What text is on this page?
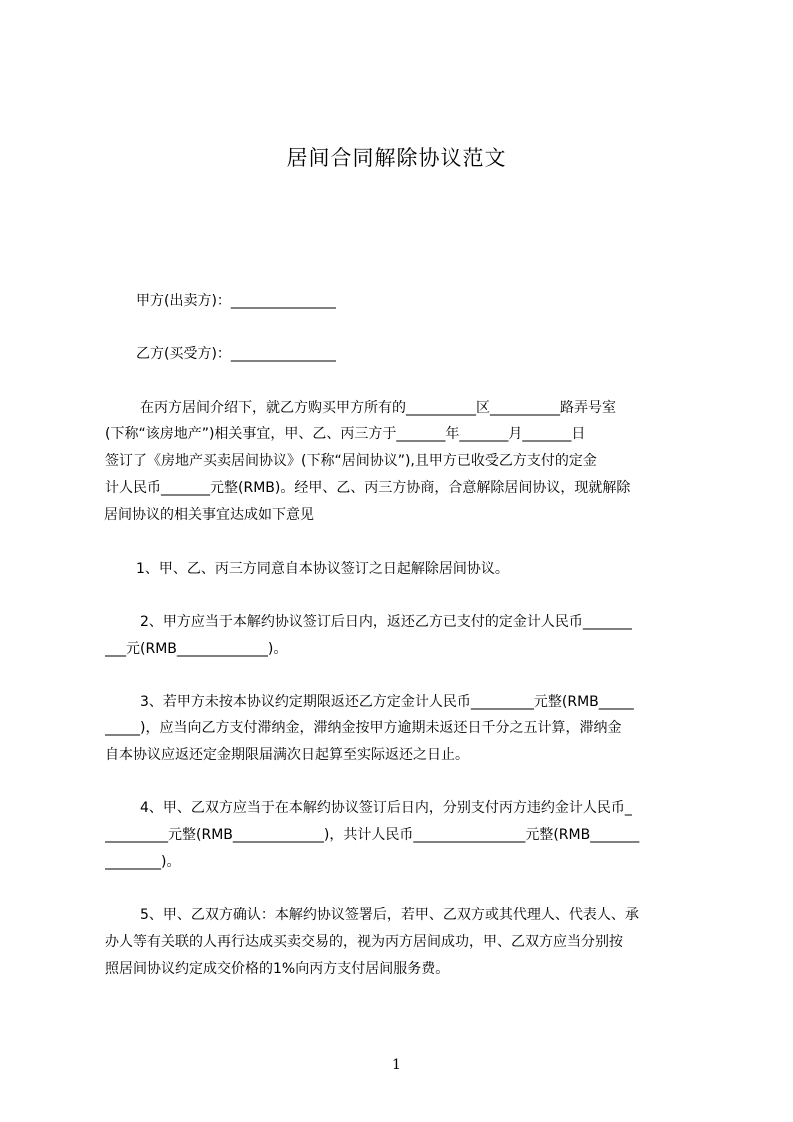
居间合同解除协议范文
甲方(出卖方)：_______________
乙方(买受方)：_______________
在丙方居间介绍下，就乙方购买甲方所有的__________区__________路弄号室
(下称“该房地产”)相关事宜，甲、乙、丙三方于_______年_______月_______日
签订了《房地产买卖居间协议》(下称“居间协议”),且甲方已收受乙方支付的定金
计人民币_______元整(RMB)。经甲、乙、丙三方协商，合意解除居间协议，现就解除
居间协议的相关事宜达成如下意见
1、甲、乙、丙三方同意自本协议签订之日起解除居间协议。
2、甲方应当于本解约协议签订后日内，返还乙方已支付的定金计人民币_______
___元(RMB_____________)。
3、若甲方未按本协议约定期限返还乙方定金计人民币_________元整(RMB_____
_____)，应当向乙方支付滞纳金，滞纳金按甲方逾期未返还日千分之五计算，滞纳金
自本协议应返还定金期限届满次日起算至实际返还之日止。
4、甲、乙双方应当于在本解约协议签订后日内，分别支付丙方违约金计人民币_
_________元整(RMB_____________)，共计人民币________________元整(RMB_______
________)。
5、甲、乙双方确认：本解约协议签署后，若甲、乙双方或其代理人、代表人、承
办人等有关联的人再行达成买卖交易的，视为丙方居间成功，甲、乙双方应当分别按
照居间协议约定成交价格的1%向丙方支付居间服务费。
1
